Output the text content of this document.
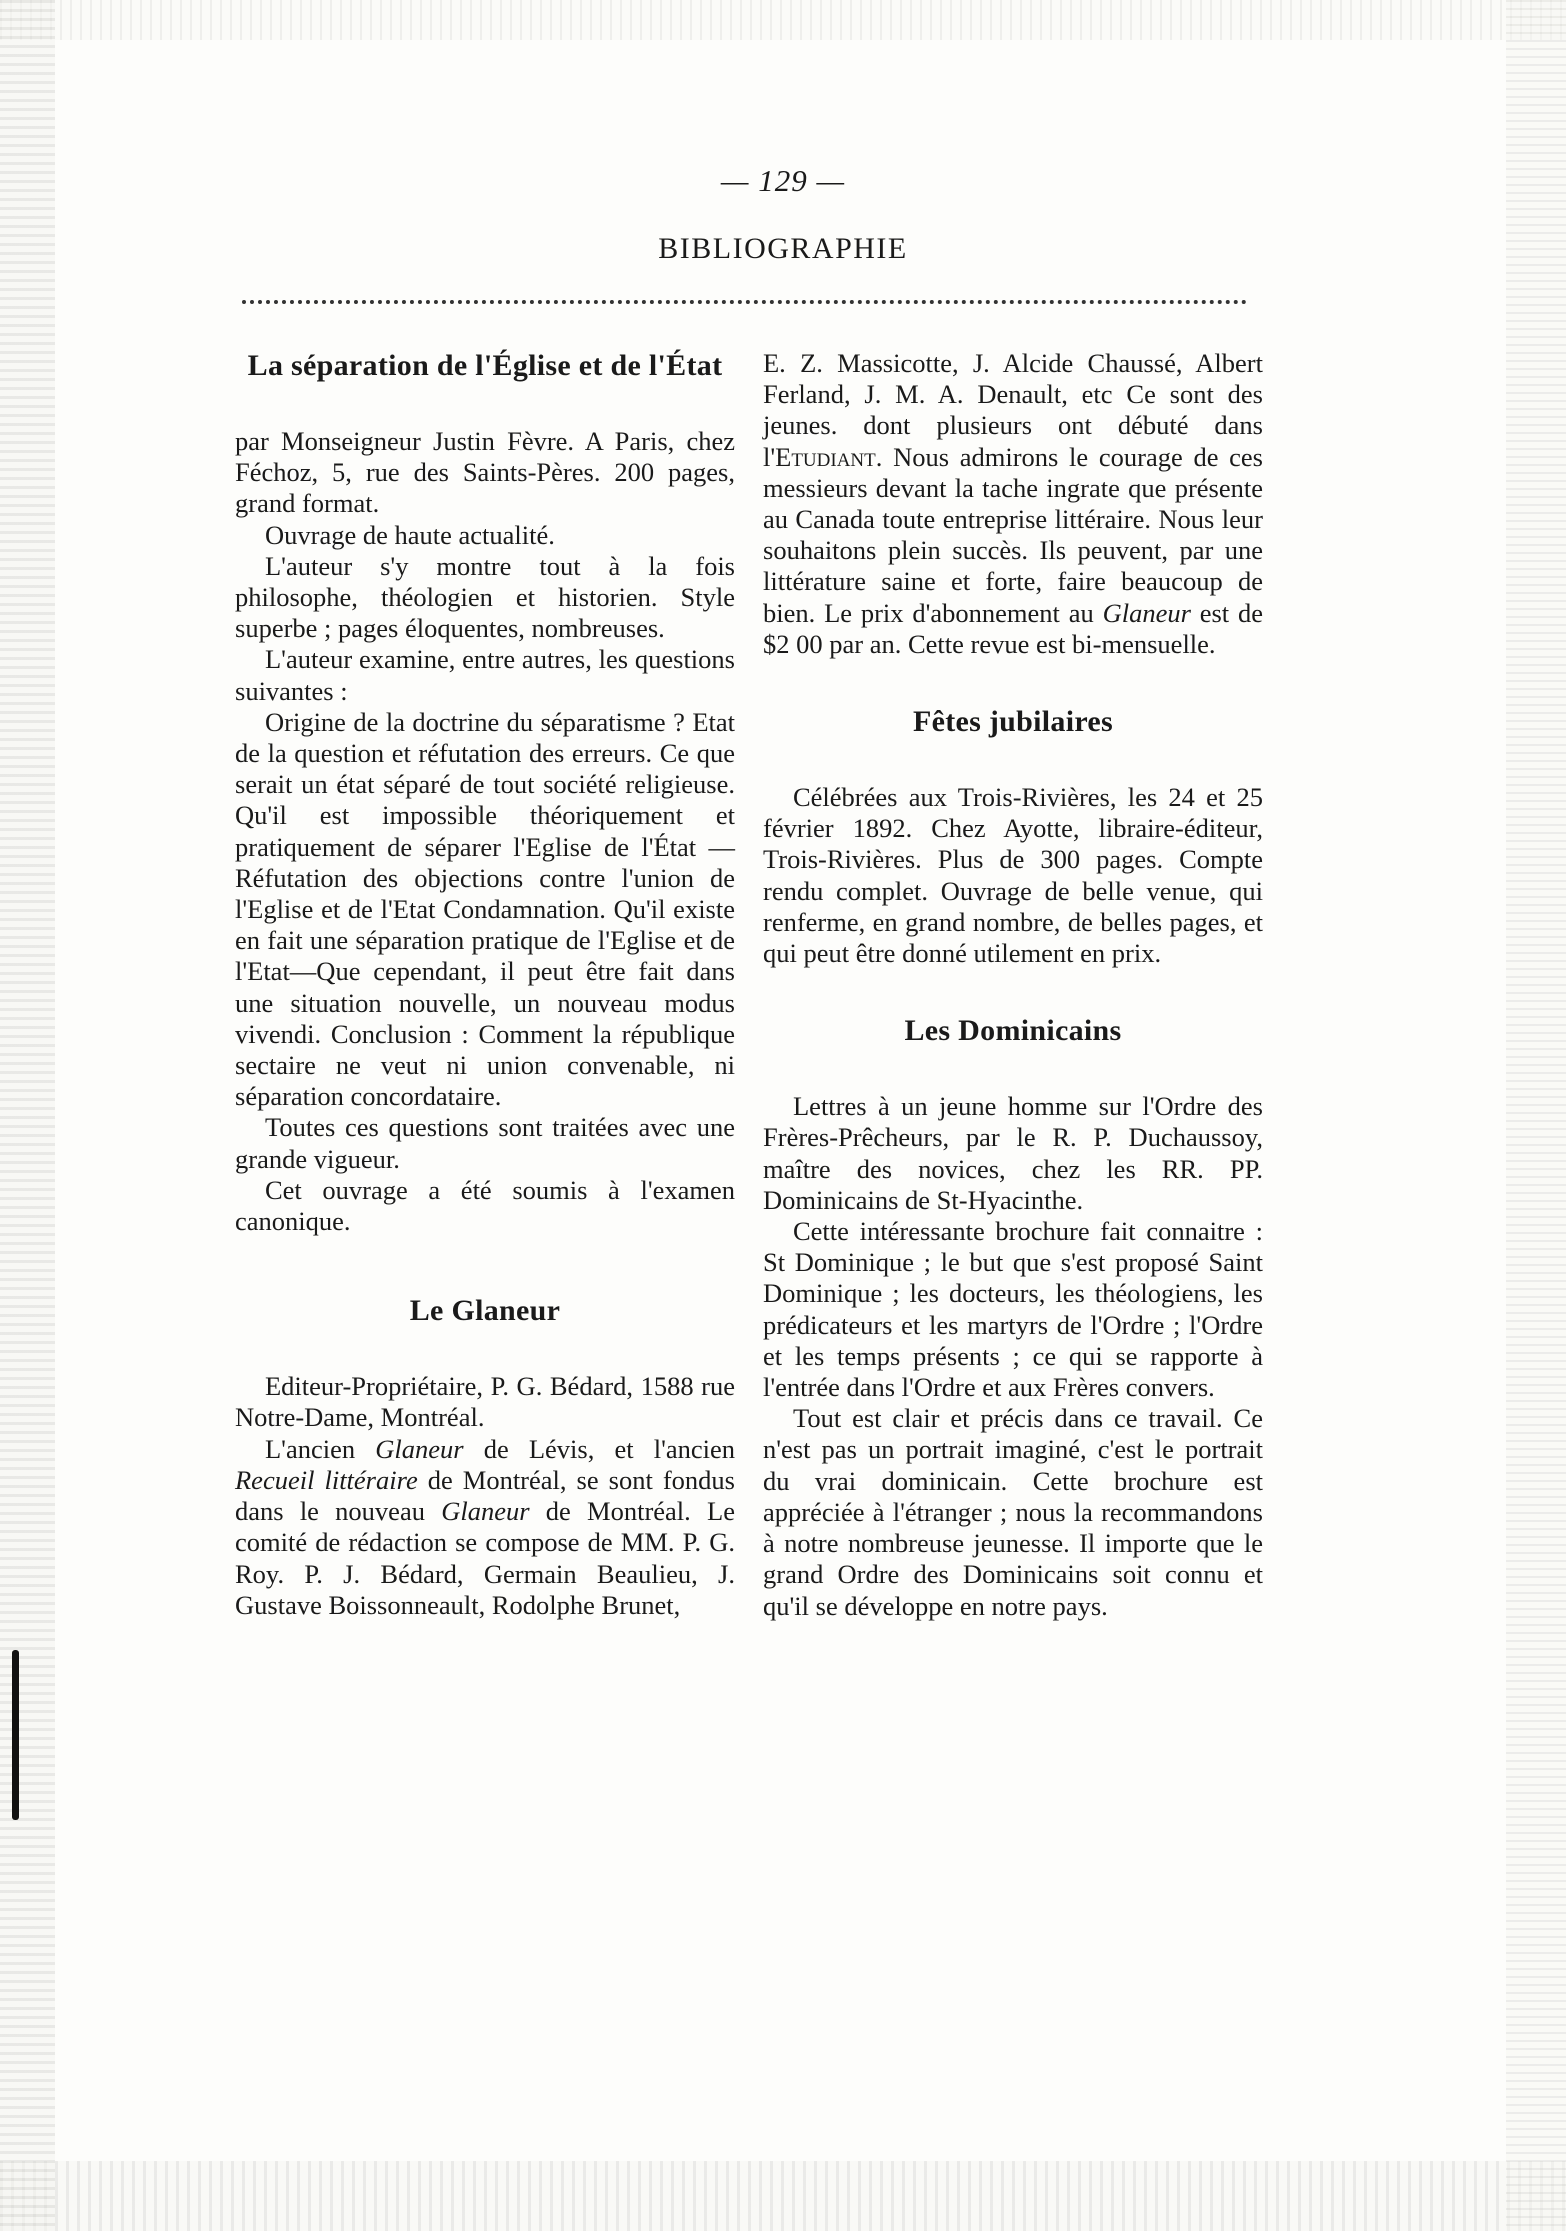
— 129 —
BIBLIOGRAPHIE
La séparation de l'Église et de l'État

par Monseigneur Justin Fèvre. A Paris, chez Féchoz, 5, rue des Saints-Pères. 200 pages, grand format.

Ouvrage de haute actualité.

L'auteur s'y montre tout à la fois philosophe, théologien et historien. Style superbe ; pages éloquentes, nombreuses.

L'auteur examine, entre autres, les questions suivantes :

Origine de la doctrine du séparatisme ? Etat de la question et réfutation des erreurs. Ce que serait un état séparé de tout société religieuse. Qu'il est impossible théoriquement et pratiquement de séparer l'Eglise de l'État — Réfutation des objections contre l'union de l'Eglise et de l'Etat Condamnation. Qu'il existe en fait une séparation pratique de l'Eglise et de l'Etat—Que cependant, il peut être fait dans une situation nouvelle, un nouveau modus vivendi. Conclusion : Comment la république sectaire ne veut ni union convenable, ni séparation concordataire.

Toutes ces questions sont traitées avec une grande vigueur.

Cet ouvrage a été soumis à l'examen canonique.

Le Glaneur

Editeur-Propriétaire, P. G. Bédard, 1588 rue Notre-Dame, Montréal.

L'ancien Glaneur de Lévis, et l'ancien Recueil littéraire de Montréal, se sont fondus dans le nouveau Glaneur de Montréal. Le comité de rédaction se compose de MM. P. G. Roy. P. J. Bédard, Germain Beaulieu, J. Gustave Boissonneault, Rodolphe Brunet,

E. Z. Massicotte, J. Alcide Chaussé, Albert Ferland, J. M. A. Denault, etc Ce sont des jeunes. dont plusieurs ont débuté dans l'Etudiant. Nous admirons le courage de ces messieurs devant la tache ingrate que présente au Canada toute entreprise littéraire. Nous leur souhaitons plein succès. Ils peuvent, par une littérature saine et forte, faire beaucoup de bien. Le prix d'abonnement au Glaneur est de $2 00 par an. Cette revue est bi-mensuelle.

Fêtes jubilaires

Célébrées aux Trois-Rivières, les 24 et 25 février 1892. Chez Ayotte, libraire-éditeur, Trois-Rivières. Plus de 300 pages. Compte rendu complet. Ouvrage de belle venue, qui renferme, en grand nombre, de belles pages, et qui peut être donné utilement en prix.

Les Dominicains

Lettres à un jeune homme sur l'Ordre des Frères-Prêcheurs, par le R. P. Duchaussoy, maître des novices, chez les RR. PP. Dominicains de St-Hyacinthe.

Cette intéressante brochure fait connaitre : St Dominique ; le but que s'est proposé Saint Dominique ; les docteurs, les théologiens, les prédicateurs et les martyrs de l'Ordre ; l'Ordre et les temps présents ; ce qui se rapporte à l'entrée dans l'Ordre et aux Frères convers.

Tout est clair et précis dans ce travail. Ce n'est pas un portrait imaginé, c'est le portrait du vrai dominicain. Cette brochure est appréciée à l'étranger ; nous la recommandons à notre nombreuse jeunesse. Il importe que le grand Ordre des Dominicains soit connu et qu'il se développe en notre pays.
